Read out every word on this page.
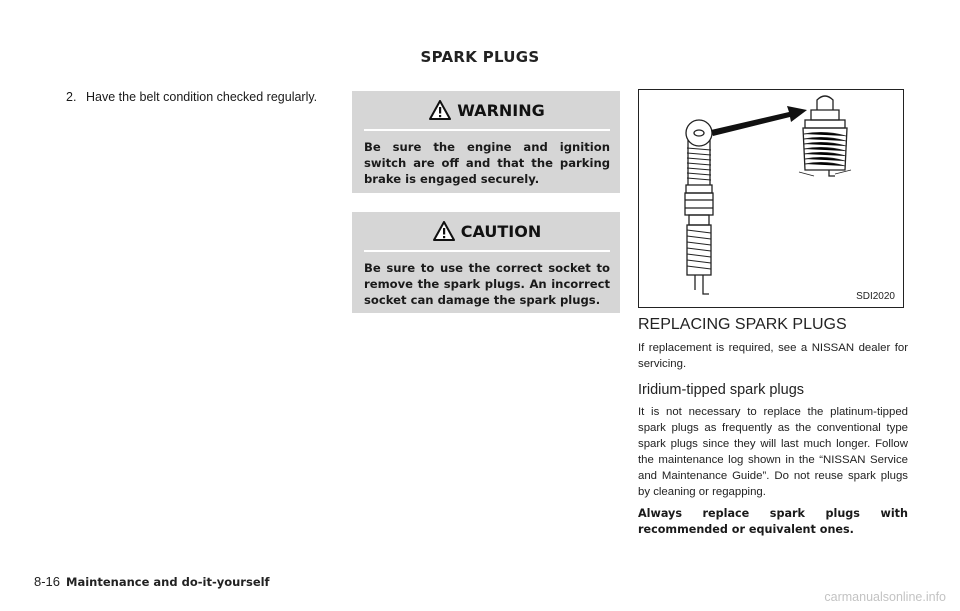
SPARK PLUGS
2. Have the belt condition checked regularly.
WARNING
Be sure the engine and ignition switch are off and that the parking brake is engaged securely.
CAUTION
Be sure to use the correct socket to remove the spark plugs. An incorrect socket can damage the spark plugs.	SDI2020
REPLACING SPARK PLUGS
If replacement is required, see a NISSAN dealer for servicing.
Iridium-tipped spark plugs
It is not necessary to replace the platinum-tipped spark plugs as frequently as the conventional type spark plugs since they will last much longer. Follow the maintenance log shown in the “NISSAN Service and Maintenance Guide”. Do not reuse spark plugs by cleaning or regapping.
Always replace spark plugs with recommended or equivalent ones.
8-16 Maintenance and do-it-yourself
carmanualsonline.info
